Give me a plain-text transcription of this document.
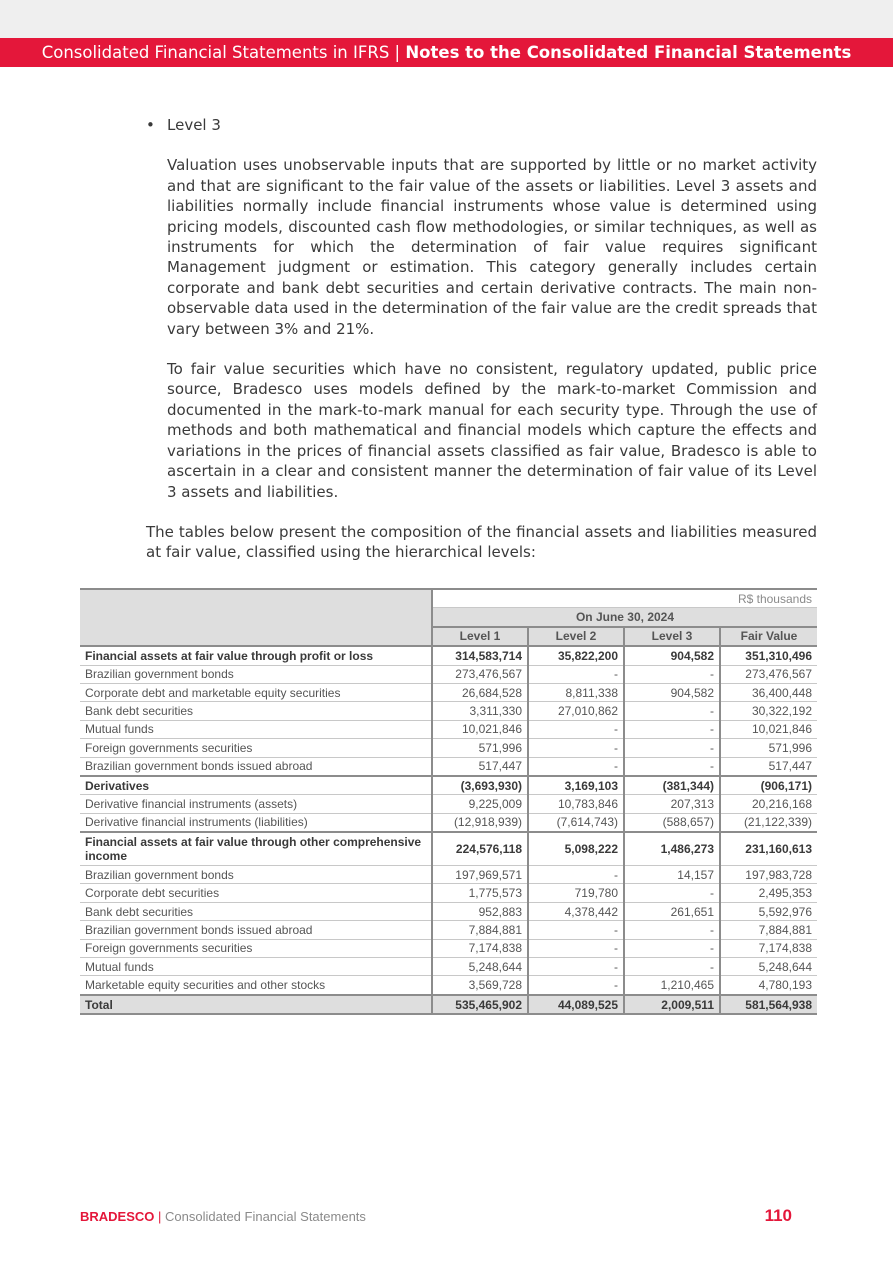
Consolidated Financial Statements in IFRS | Notes to the Consolidated Financial Statements
• Level 3

Valuation uses unobservable inputs that are supported by little or no market activity and that are significant to the fair value of the assets or liabilities. Level 3 assets and liabilities normally include financial instruments whose value is determined using pricing models, discounted cash flow methodologies, or similar techniques, as well as instruments for which the determination of fair value requires significant Management judgment or estimation. This category generally includes certain corporate and bank debt securities and certain derivative contracts. The main non-observable data used in the determination of the fair value are the credit spreads that vary between 3% and 21%.

To fair value securities which have no consistent, regulatory updated, public price source, Bradesco uses models defined by the mark-to-market Commission and documented in the mark-to-mark manual for each security type. Through the use of methods and both mathematical and financial models which capture the effects and variations in the prices of financial assets classified as fair value, Bradesco is able to ascertain in a clear and consistent manner the determination of fair value of its Level 3 assets and liabilities.

The tables below present the composition of the financial assets and liabilities measured at fair value, classified using the hierarchical levels:

	R$ thousands			
	On June 30, 2024			
	Level 1	Level 2	Level 3	Fair Value
Financial assets at fair value through profit or loss	314,583,714	35,822,200	904,582	351,310,496
Brazilian government bonds	273,476,567	-	-	273,476,567
Corporate debt and marketable equity securities	26,684,528	8,811,338	904,582	36,400,448
Bank debt securities	3,311,330	27,010,862	-	30,322,192
Mutual funds	10,021,846	-	-	10,021,846
Foreign governments securities	571,996	-	-	571,996
Brazilian government bonds issued abroad	517,447	-	-	517,447
Derivatives	(3,693,930)	3,169,103	(381,344)	(906,171)
Derivative financial instruments (assets)	9,225,009	10,783,846	207,313	20,216,168
Derivative financial instruments (liabilities)	(12,918,939)	(7,614,743)	(588,657)	(21,122,339)
Financial assets at fair value through other comprehensive income	224,576,118	5,098,222	1,486,273	231,160,613
Brazilian government bonds	197,969,571	-	14,157	197,983,728
Corporate debt securities	1,775,573	719,780	-	2,495,353
Bank debt securities	952,883	4,378,442	261,651	5,592,976
Brazilian government bonds issued abroad	7,884,881	-	-	7,884,881
Foreign governments securities	7,174,838	-	-	7,174,838
Mutual funds	5,248,644	-	-	5,248,644
Marketable equity securities and other stocks	3,569,728	-	1,210,465	4,780,193
Total	535,465,902	44,089,525	2,009,511	581,564,938
BRADESCO | Consolidated Financial Statements	110
